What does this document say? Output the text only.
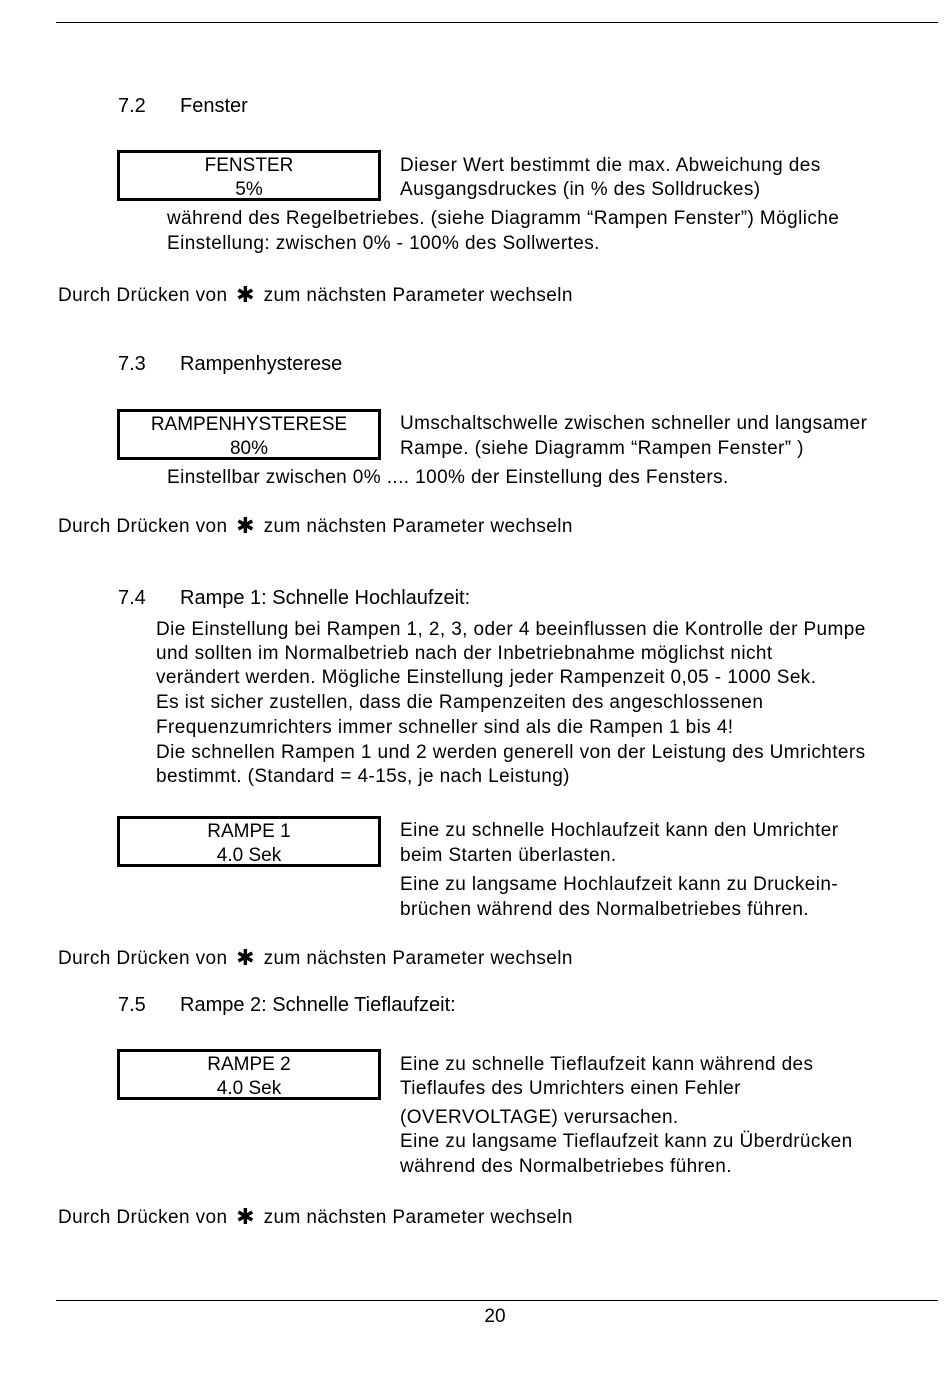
7.2 Fenster
FENSTER
5%
Dieser Wert bestimmt die max. Abweichung des
Ausgangsdruckes (in % des Solldruckes)
während des Regelbetriebes. (siehe Diagramm “Rampen Fenster”) Mögliche
Einstellung: zwischen 0% - 100% des Sollwertes.
Durch Drücken von ✱ zum nächsten Parameter wechseln
7.3 Rampenhysterese
RAMPENHYSTERESE
80%
Umschaltschwelle zwischen schneller und langsamer
Rampe. (siehe Diagramm “Rampen Fenster” )
Einstellbar zwischen 0% .... 100% der Einstellung des Fensters.
Durch Drücken von ✱ zum nächsten Parameter wechseln
7.4 Rampe 1: Schnelle Hochlaufzeit:
Die Einstellung bei Rampen 1, 2, 3, oder 4 beeinflussen die Kontrolle der Pumpe
und sollten im Normalbetrieb nach der Inbetriebnahme möglichst nicht
verändert werden. Mögliche Einstellung jeder Rampenzeit 0,05 - 1000 Sek.
Es ist sicher zustellen, dass die Rampenzeiten des angeschlossenen
Frequenzumrichters immer schneller sind als die Rampen 1 bis 4!
Die schnellen Rampen 1 und 2 werden generell von der Leistung des Umrichters
bestimmt. (Standard = 4-15s, je nach Leistung)
RAMPE 1
4.0 Sek
Eine zu schnelle Hochlaufzeit kann den Umrichter
beim Starten überlasten.
Eine zu langsame Hochlaufzeit kann zu Druckein-
brüchen während des Normalbetriebes führen.
Durch Drücken von ✱ zum nächsten Parameter wechseln
7.5 Rampe 2: Schnelle Tieflaufzeit:
RAMPE 2
4.0 Sek
Eine zu schnelle Tieflaufzeit kann während des
Tieflaufes des Umrichters einen Fehler
(OVERVOLTAGE) verursachen.
Eine zu langsame Tieflaufzeit kann zu Überdrücken
während des Normalbetriebes führen.
Durch Drücken von ✱ zum nächsten Parameter wechseln
20
